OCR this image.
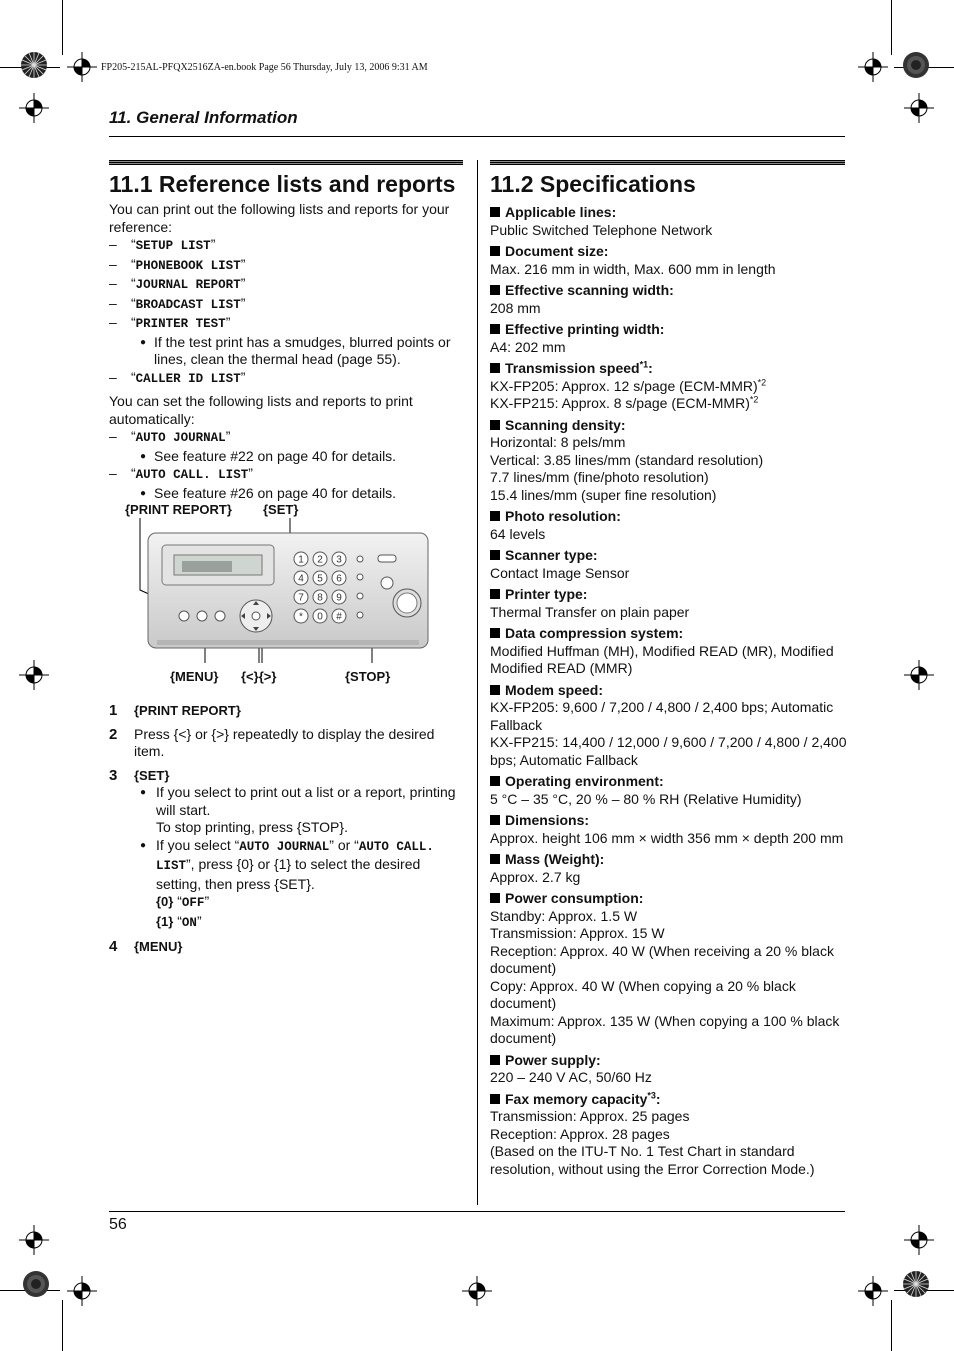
FP205-215AL-PFQX2516ZA-en.book Page 56 Thursday, July 13, 2006 9:31 AM
11. General Information
11.1 Reference lists and reports

You can print out the following lists and reports for your reference:

– “SETUP LIST”

– “PHONEBOOK LIST”

– “JOURNAL REPORT”

– “BROADCAST LIST”

– “PRINTER TEST”

● If the test print has a smudges, blurred points or lines, clean the thermal head (page 55).

– “CALLER ID LIST”

You can set the following lists and reports to print automatically:

– “AUTO JOURNAL”

● See feature #22 on page 40 for details.

– “AUTO CALL. LIST”

● See feature #26 on page 40 for details.

{PRINT REPORT} {SET}
{MENU} {<}{>}	{STOP}
1 2 3
4 5 6
7 8 9
* 0 #

1 {PRINT REPORT}

2 Press {<} or {>} repeatedly to display the desired item.

3 {SET}

● If you select to print out a list or a report, printing will start.

To stop printing, press {STOP}.

● If you select “AUTO JOURNAL” or “AUTO CALL. LIST”, press {0} or {1} to select the desired setting, then press {SET}.

{0} “OFF”

{1} “ON”

4 {MENU}

11.2 Specifications

Applicable lines:

Public Switched Telephone Network

Document size:

Max. 216 mm in width, Max. 600 mm in length

Effective scanning width:

208 mm

Effective printing width:

A4: 202 mm

Transmission speed$^{*1}$:

KX-FP205: Approx. 12 s/page $(ECM-MMR)^{*2}$

KX-FP215: Approx. 8 s/page $(ECM-MMR)^{*2}$

Scanning density:

Horizontal: 8 pels/mm

Vertical: 3.85 lines/mm (standard resolution)

7.7 lines/mm (fine/photo resolution)

15.4 lines/mm (super fine resolution)

Photo resolution:

64 levels

Scanner type:

Contact Image Sensor

Printer type:

Thermal Transfer on plain paper

Data compression system:

Modified Huffman (MH), Modified READ (MR), Modified Modified READ (MMR)

Modem speed:

KX-FP205: 9,600 / 7,200 / 4,800 / 2,400 bps; Automatic Fallback

KX-FP215: 14,400 / 12,000 / 9,600 / 7,200 / 4,800 / 2,400 bps; Automatic Fallback

Operating environment:

5 °C – 35 °C, 20 % – 80 % RH (Relative Humidity)

Dimensions:

Approx. height 106 mm × width 356 mm × depth 200 mm

Mass (Weight):

Approx. 2.7 kg

Power consumption:

Standby: Approx. 1.5 W

Transmission: Approx. 15 W

Reception: Approx. 40 W (When receiving a 20 % black document)

Copy: Approx. 40 W (When copying a 20 % black document)

Maximum: Approx. 135 W (When copying a 100 % black document)

Power supply:

220 – 240 V AC, 50/60 Hz

Fax memory capacity$^{*3}$:

Transmission: Approx. 25 pages

Reception: Approx. 28 pages

(Based on the ITU-T No. 1 Test Chart in standard resolution, without using the Error Correction Mode.)

56
